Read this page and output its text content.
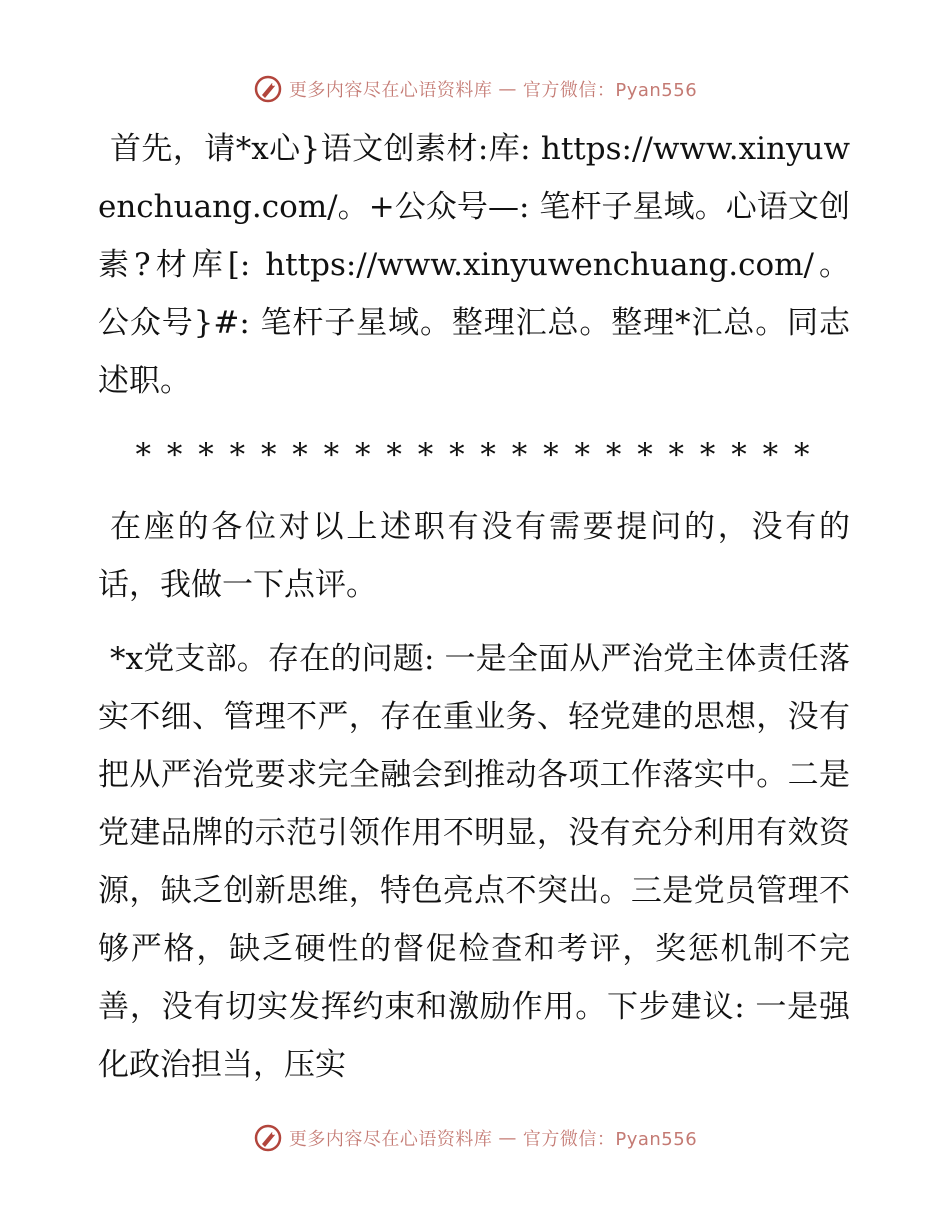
更多内容尽在心语资料库 — 官方微信：Pyan556

首先，请*x心}语文创素材:库: https://www.xinyuwenchuang.com/。+公众号—: 笔杆子星域。心语文创素?材库[: https://www.xinyuwenchuang.com/。公众号}#: 笔杆子星域。整理汇总。整理*汇总。同志述职。

* * * * * * * * * * * * * * * * * * * * * *

在座的各位对以上述职有没有需要提问的，没有的话，我做一下点评。

*x党支部。存在的问题: 一是全面从严治党主体责任落实不细、管理不严，存在重业务、轻党建的思想，没有把从严治党要求完全融会到推动各项工作落实中。二是党建品牌的示范引领作用不明显，没有充分利用有效资源，缺乏创新思维，特色亮点不突出。三是党员管理不够严格，缺乏硬性的督促检查和考评，奖惩机制不完善，没有切实发挥约束和激励作用。下步建议: 一是强化政治担当，压实

更多内容尽在心语资料库 — 官方微信：Pyan556
